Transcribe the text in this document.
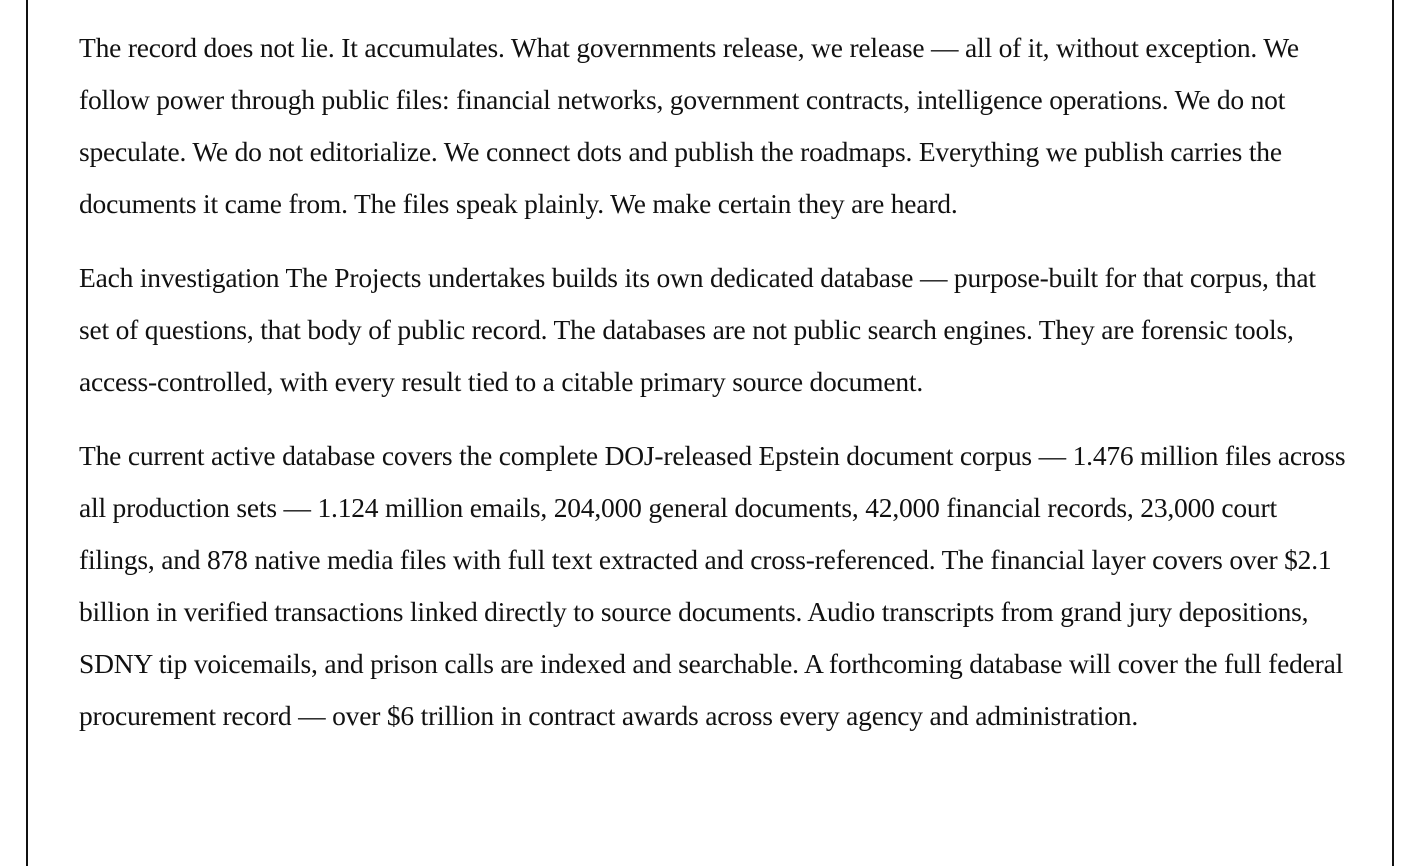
The record does not lie. It accumulates. What governments release, we release — all of it, without exception. We follow power through public files: financial networks, government contracts, intelligence operations. We do not speculate. We do not editorialize. We connect dots and publish the roadmaps. Everything we publish carries the documents it came from. The files speak plainly. We make certain they are heard.

Each investigation The Projects undertakes builds its own dedicated database — purpose-built for that corpus, that set of questions, that body of public record. The databases are not public search engines. They are forensic tools, access-controlled, with every result tied to a citable primary source document.

The current active database covers the complete DOJ-released Epstein document corpus — 1.476 million files across all production sets — 1.124 million emails, 204,000 general documents, 42,000 financial records, 23,000 court filings, and 878 native media files with full text extracted and cross-referenced. The financial layer covers over $2.1 billion in verified transactions linked directly to source documents. Audio transcripts from grand jury depositions, SDNY tip voicemails, and prison calls are indexed and searchable. A forthcoming database will cover the full federal procurement record — over $6 trillion in contract awards across every agency and administration.
